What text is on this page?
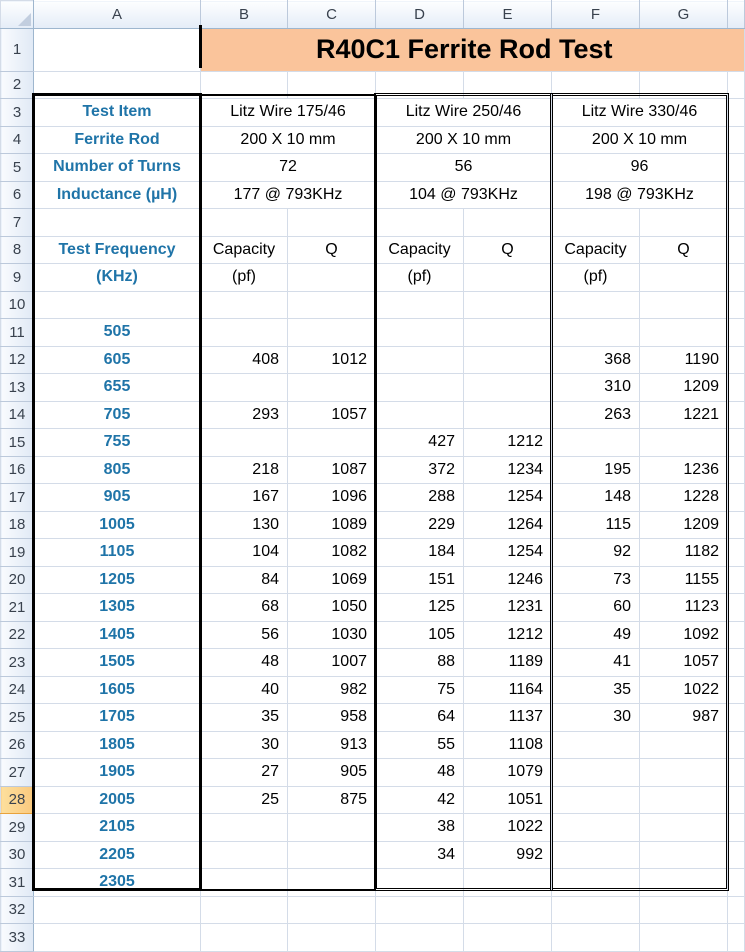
	A	B	C	D	E	F	G	
1		R40C1 Ferrite Rod Test						
2								
3	Test Item	Litz Wire 175/46		Litz Wire 250/46		Litz Wire 330/46		
4	Ferrite Rod	200 X 10 mm		200 X 10 mm		200 X 10 mm		
5	Number of Turns	72		56		96		
6	Inductance (µH)	177 @ 793KHz		104 @ 793KHz		198 @ 793KHz		
7								
8	Test Frequency	Capacity	Q	Capacity	Q	Capacity	Q	
9	(KHz)	(pf)		(pf)		(pf)		
10								
11	505							
12	605	408	1012			368	1190	
13	655					310	1209	
14	705	293	1057			263	1221	
15	755			427	1212			
16	805	218	1087	372	1234	195	1236	
17	905	167	1096	288	1254	148	1228	
18	1005	130	1089	229	1264	115	1209	
19	1105	104	1082	184	1254	92	1182	
20	1205	84	1069	151	1246	73	1155	
21	1305	68	1050	125	1231	60	1123	
22	1405	56	1030	105	1212	49	1092	
23	1505	48	1007	88	1189	41	1057	
24	1605	40	982	75	1164	35	1022	
25	1705	35	958	64	1137	30	987	
26	1805	30	913	55	1108			
27	1905	27	905	48	1079			
28	2005	25	875	42	1051			
29	2105			38	1022			
30	2205			34	992			
31	2305							
32								
33								
